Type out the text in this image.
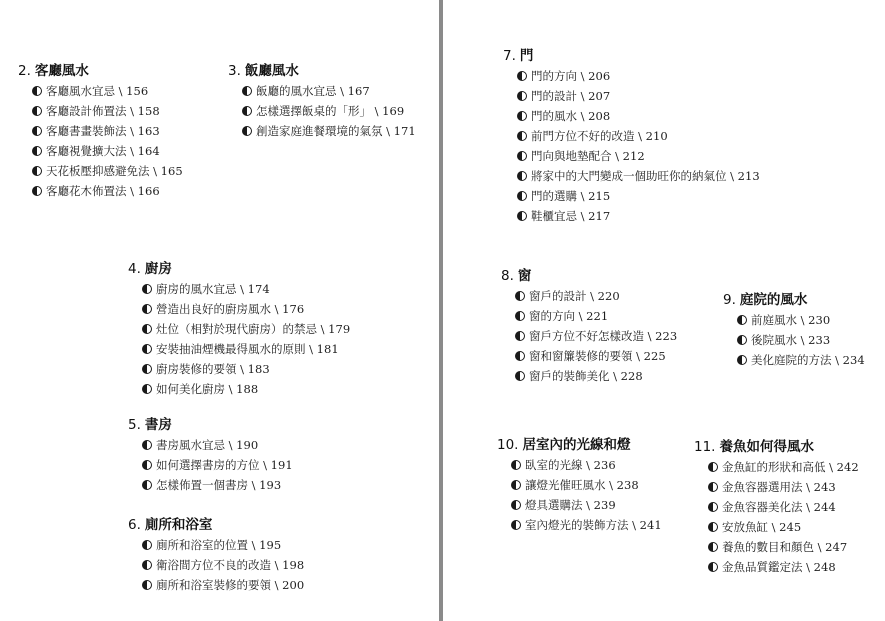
2. 客廳風水
客廳風水宜忌 \ 156
客廳設計佈置法 \ 158
客廳書畫裝飾法 \ 163
客廳視覺擴大法 \ 164
天花板壓抑感避免法 \ 165
客廳花木佈置法 \ 166
3. 飯廳風水
飯廳的風水宜忌 \ 167
怎樣選擇飯桌的「形」 \ 169
創造家庭進餐環境的氣氛 \ 171
4. 廚房
廚房的風水宜忌 \ 174
營造出良好的廚房風水 \ 176
灶位（相對於現代廚房）的禁忌 \ 179
安裝抽油煙機最得風水的原則 \ 181
廚房裝修的要領 \ 183
如何美化廚房 \ 188
5. 書房
書房風水宜忌 \ 190
如何選擇書房的方位 \ 191
怎樣佈置一個書房 \ 193
6. 廁所和浴室
廁所和浴室的位置 \ 195
衛浴間方位不良的改造 \ 198
廁所和浴室裝修的要領 \ 200
7. 門
門的方向 \ 206
門的設計 \ 207
門的風水 \ 208
前門方位不好的改造 \ 210
門向與地墊配合 \ 212
將家中的大門變成一個助旺你的納氣位 \ 213
門的選購 \ 215
鞋櫃宜忌 \ 217
8. 窗
窗戶的設計 \ 220
窗的方向 \ 221
窗戶方位不好怎樣改造 \ 223
窗和窗簾裝修的要領 \ 225
窗戶的裝飾美化 \ 228
9. 庭院的風水
前庭風水 \ 230
後院風水 \ 233
美化庭院的方法 \ 234
10. 居室內的光線和燈
臥室的光線 \ 236
讓燈光催旺風水 \ 238
燈具選購法 \ 239
室內燈光的裝飾方法 \ 241
11. 養魚如何得風水
金魚缸的形狀和高低 \ 242
金魚容器選用法 \ 243
金魚容器美化法 \ 244
安放魚缸 \ 245
養魚的數目和顏色 \ 247
金魚品質鑑定法 \ 248
